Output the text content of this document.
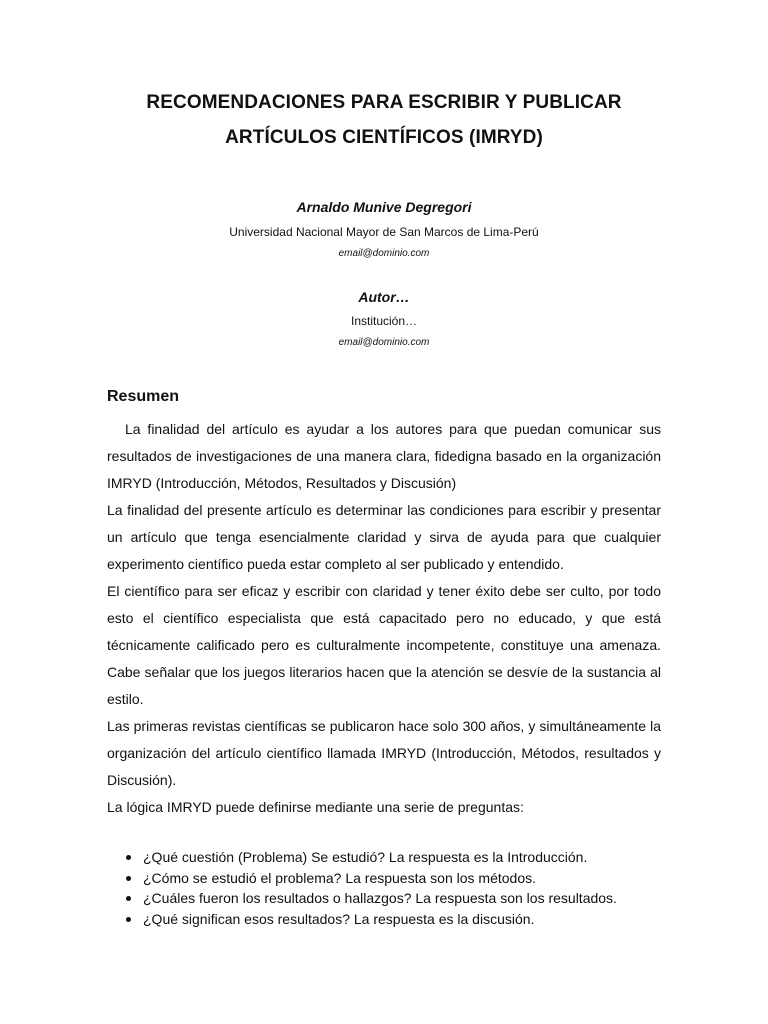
RECOMENDACIONES PARA ESCRIBIR Y PUBLICAR
ARTÍCULOS CIENTÍFICOS (IMRYD)
Arnaldo Munive Degregori
Universidad Nacional Mayor de San Marcos de Lima-Perú
email@dominio.com
Autor…
Institución…
email@dominio.com
Resumen

La finalidad del artículo es ayudar a los autores para que puedan comunicar sus resultados de investigaciones de una manera clara, fidedigna basado en la organización IMRYD (Introducción, Métodos, Resultados y Discusión)

La finalidad del presente artículo es determinar las condiciones para escribir y presentar un artículo que tenga esencialmente claridad y sirva de ayuda para que cualquier experimento científico pueda estar completo al ser publicado y entendido.

El científico para ser eficaz y escribir con claridad y tener éxito debe ser culto, por todo esto el científico especialista que está capacitado pero no educado, y que está técnicamente calificado pero es culturalmente incompetente, constituye una amenaza. Cabe señalar que los juegos literarios hacen que la atención se desvíe de la sustancia al estilo.

Las primeras revistas científicas se publicaron hace solo 300 años, y simultáneamente la organización del artículo científico llamada IMRYD (Introducción, Métodos, resultados y Discusión).

La lógica IMRYD puede definirse mediante una serie de preguntas:

¿Qué cuestión (Problema) Se estudió? La respuesta es la Introducción.
¿Cómo se estudió el problema? La respuesta son los métodos.
¿Cuáles fueron los resultados o hallazgos? La respuesta son los resultados.
¿Qué significan esos resultados? La respuesta es la discusión.
